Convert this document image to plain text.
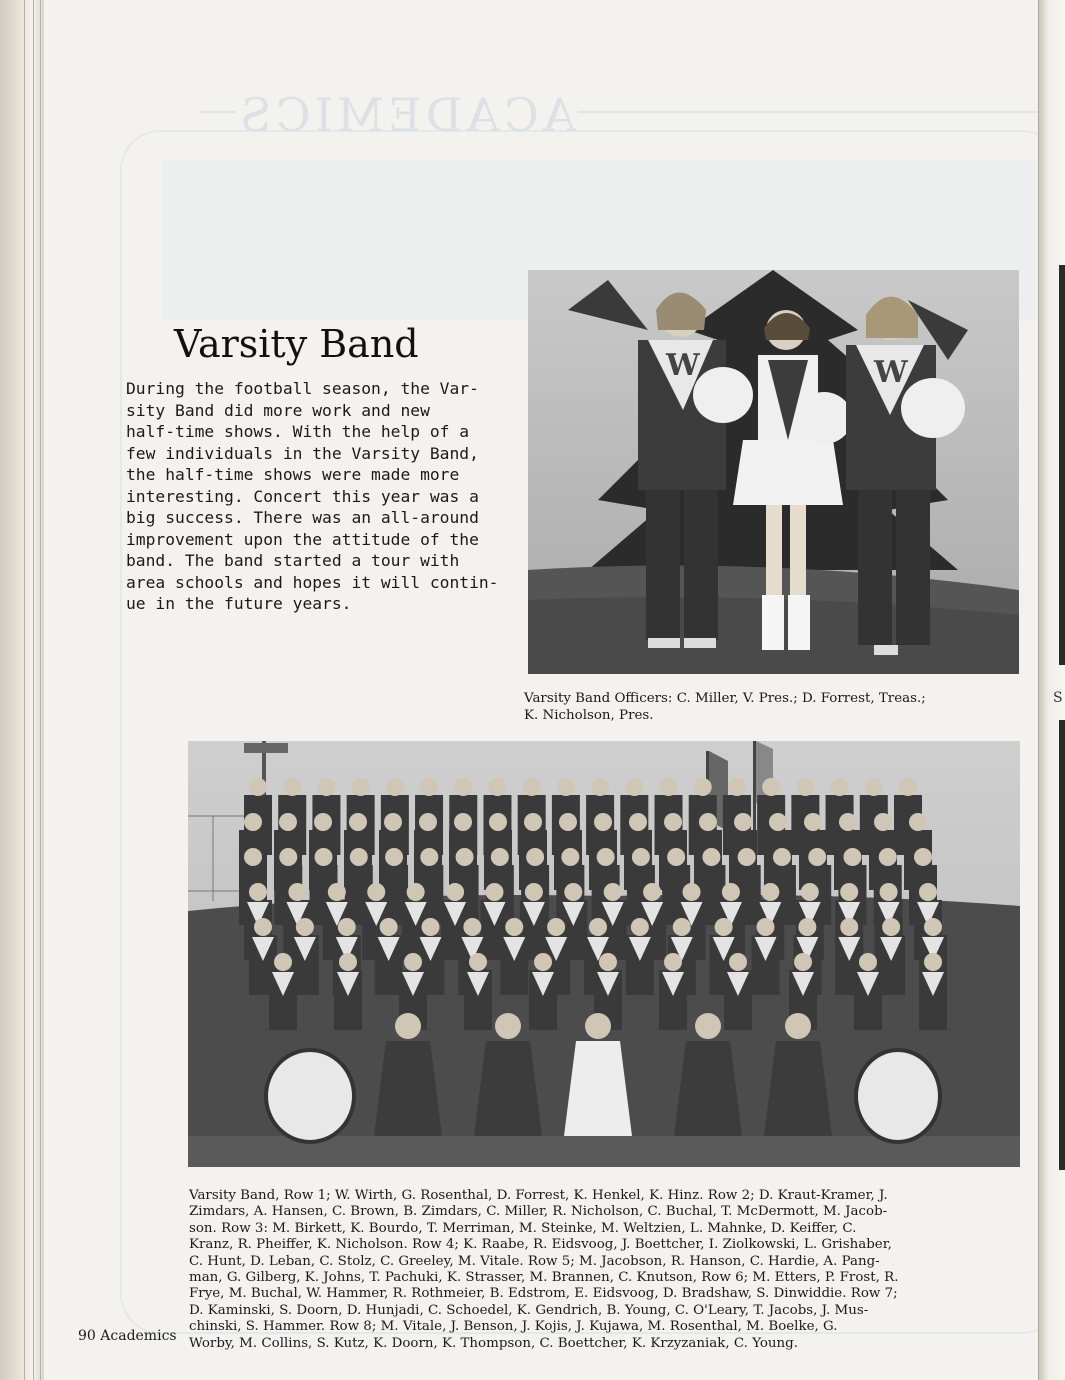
ACADEMICS
Varsity Band
During the football season, the Var-
sity Band did more work and new
half-time shows. With the help of a
few individuals in the Varsity Band,
the half-time shows were made more
interesting. Concert this year was a
big success. There was an all-around
improvement upon the attitude of the
band. The band started a tour with
area schools and hopes it will contin-
ue in the future years.
W	W
Varsity Band Officers: C. Miller, V. Pres.; D. Forrest, Treas.;
K. Nicholson, Pres.
Varsity Band, Row 1; W. Wirth, G. Rosenthal, D. Forrest, K. Henkel, K. Hinz. Row 2; D. Kraut-Kramer, J.
Zimdars, A. Hansen, C. Brown, B. Zimdars, C. Miller, R. Nicholson, C. Buchal, T. McDermott, M. Jacob-
son. Row 3: M. Birkett, K. Bourdo, T. Merriman, M. Steinke, M. Weltzien, L. Mahnke, D. Keiffer, C.
Kranz, R. Pheiffer, K. Nicholson. Row 4; K. Raabe, R. Eidsvoog, J. Boettcher, I. Ziolkowski, L. Grishaber,
C. Hunt, D. Leban, C. Stolz, C. Greeley, M. Vitale. Row 5; M. Jacobson, R. Hanson, C. Hardie, A. Pang-
man, G. Gilberg, K. Johns, T. Pachuki, K. Strasser, M. Brannen, C. Knutson, Row 6; M. Etters, P. Frost, R.
Frye, M. Buchal, W. Hammer, R. Rothmeier, B. Edstrom, E. Eidsvoog, D. Bradshaw, S. Dinwiddie. Row 7;
D. Kaminski, S. Doorn, D. Hunjadi, C. Schoedel, K. Gendrich, B. Young, C. O'Leary, T. Jacobs, J. Mus-
chinski, S. Hammer. Row 8; M. Vitale, J. Benson, J. Kojis, J. Kujawa, M. Rosenthal, M. Boelke, G.
Worby, M. Collins, S. Kutz, K. Doorn, K. Thompson, C. Boettcher, K. Krzyzaniak, C. Young.
90 Academics
S
